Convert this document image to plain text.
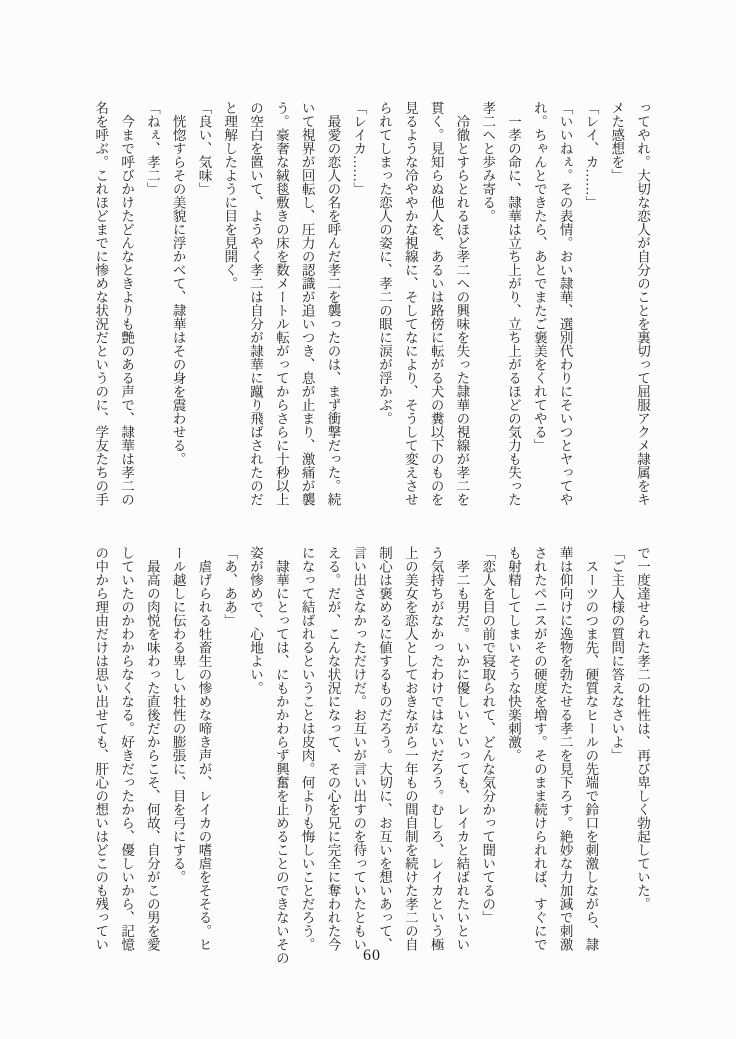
ってやれ。大切な恋人が自分のことを裏切って屈服アクメ隷属をキ
メた感想を」
「レイ、カ……」
「いいねぇ。その表情。おい隷華、選別代わりにそいつとヤってや
れ。ちゃんとできたら、あとでまたご褒美をくれてやる」
　一孝の命に、隷華は立ち上がり、立ち上がるほどの気力も失った
孝二へと歩み寄る。
　冷徹とすらとれるほど孝二への興味を失った隷華の視線が孝二を
貫く。見知らぬ他人を、あるいは路傍に転がる犬の糞以下のものを
見るような冷ややかな視線に、そしてなにより、そうして変えさせ
られてしまった恋人の姿に、孝二の眼に涙が浮かぶ。
「レイカ……」
　最愛の恋人の名を呼んだ孝二を襲ったのは、まず衝撃だった。続
いて視界が回転し、圧力の認識が追いつき、息が止まり、激痛が襲
う。豪奢な絨毯敷きの床を数メートル転がってからさらに十秒以上
の空白を置いて、ようやく孝二は自分が隷華に蹴り飛ばされたのだ
と理解したように目を見開く。
「良い、気味」
　恍惚すらその美貌に浮かべて、隷華はその身を震わせる。
「ねぇ、孝二」
　今まで呼びかけたどんなときよりも艶のある声で、隷華は孝二の
名を呼ぶ。これほどまでに惨めな状況だというのに、学友たちの手
で一度達せられた孝二の牡性は、再び卑しく勃起していた。
「ご主人様の質問に答えなさいよ」
　スーツのつま先、硬質なヒールの先端で鈴口を刺激しながら、隷
華は仰向けに逸物を勃たせる孝二を見下ろす。絶妙な力加減で刺激
されたペニスがその硬度を増す。そのまま続けられれば、すぐにで
も射精してしまいそうな快楽刺激。
「恋人を目の前で寝取られて、どんな気分かって聞いてるの」
　孝二も男だ。いかに優しいといっても、レイカと結ばれたいとい
う気持ちがなかったわけではないだろう。むしろ、レイカという極
上の美女を恋人としておきながら一年もの間自制を続けた孝二の自
制心は褒めるに値するものだろう。大切に、お互いを想いあって、
言い出さなかっただけだ。お互いが言い出すのを待っていたともい
える。だが、こんな状況になって、その心を兄に完全に奪われた今
になって結ばれるということは皮肉。何よりも悔しいことだろう。
　隷華にとっては、にもかかわらず興奮を止めることのできないその
姿が惨めで、心地よい。
「あ、ああ」
　虐げられる牡畜生の惨めな啼き声が、レイカの嗜虐をそそる。ヒ
ール越しに伝わる卑しい牡性の膨張に、目を弓にする。
　最高の肉悦を味わった直後だからこそ、何故、自分がこの男を愛
していたのかわからなくなる。好きだったから、優しいから、記憶
の中から理由だけは思い出せても、肝心の想いはどこのも残ってい
60
